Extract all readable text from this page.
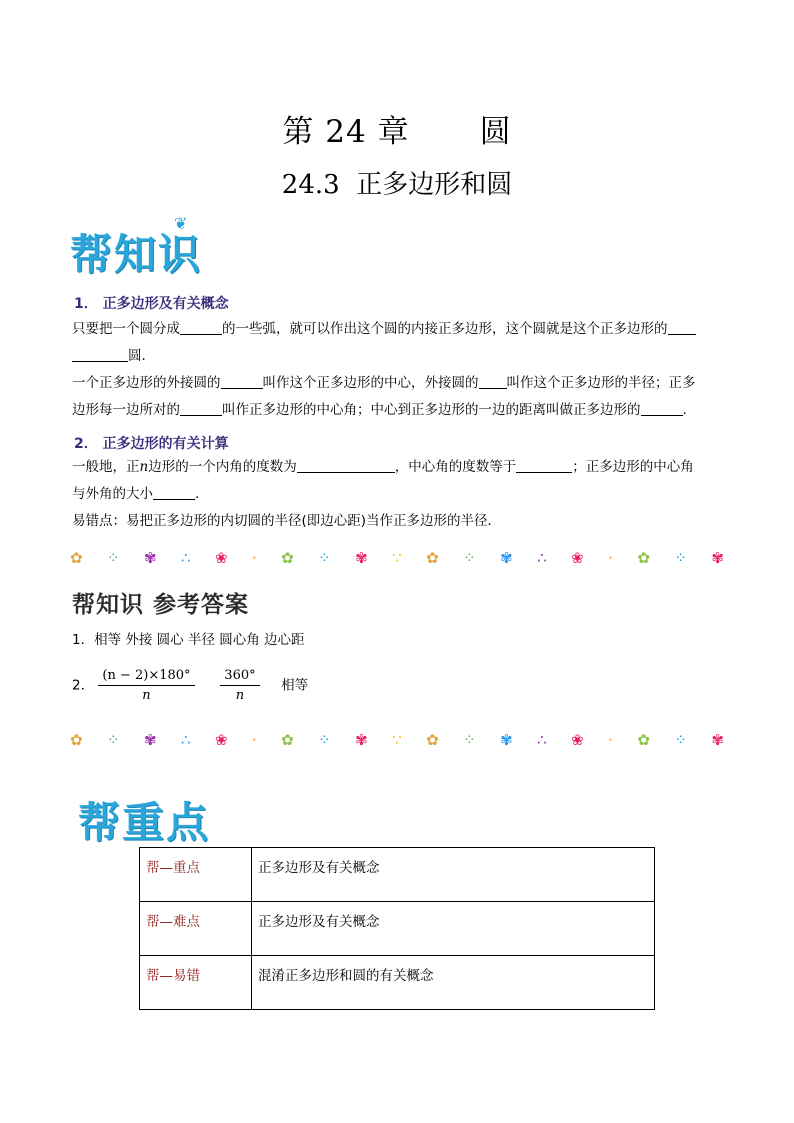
第 24 章 圆
24.3 正多边形和圆
帮知识
❦
1． 正多边形及有关概念
只要把一个圆分成	的一些弧，就可以作出这个圆的内接正多边形，这个圆就是这个正多边形的
圆．
一个正多边形的外接圆的	叫作这个正多边形的中心，外接圆的 叫作这个正多边形的半径；正多
边形每一边所对的	叫作正多边形的中心角；中心到正多边形的一边的距离叫做正多边形的	.
2． 正多边形的有关计算
一般地，正n边形的一个内角的度数为	，中心角的度数等于	；正多边形的中心角
与外角的大小	.
易错点：易把正多边形的内切圆的半径(即边心距)当作正多边形的半径．
✿ ⁘ ✾ ∴ ❀ · ✿ ⁘ ✾ ∵ ✿ ⁘ ✾ ∴ ❀ · ✿ ⁘ ✾
帮知识 参考答案
1．相等 外接 圆心 半径 圆心角 边心距
2． $\frac{(n - 2)\times 180^\circ}{n}$
$\frac{360^\circ}{n}$ 相等
✿ ⁘ ✾ ∴ ❀ · ✿ ⁘ ✾ ∵ ✿ ⁘ ✾ ∴ ❀ · ✿ ⁘ ✾
帮重点
帮—重点	正多边形及有关概念
帮—难点	正多边形及有关概念
帮—易错	混淆正多边形和圆的有关概念
